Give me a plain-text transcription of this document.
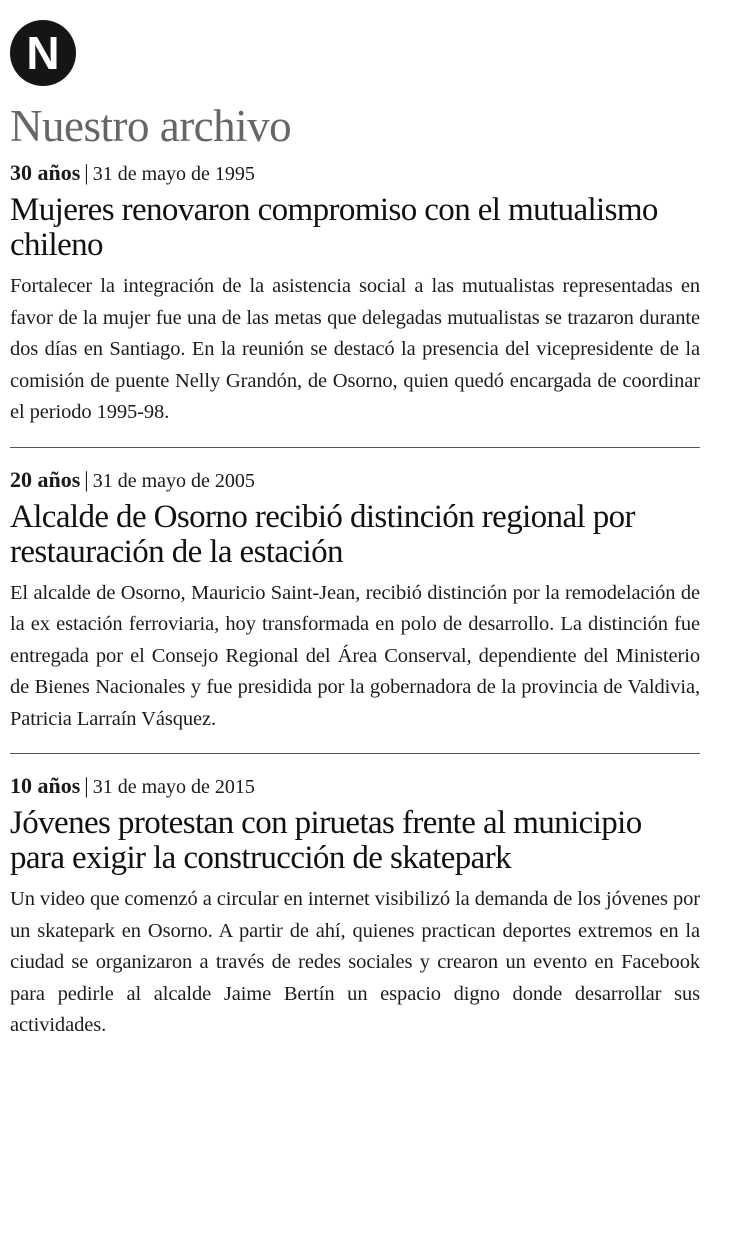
N
Nuestro archivo
30 años | 31 de mayo de 1995
Mujeres renovaron compromiso con el mutualismo chileno

Fortalecer la integración de la asistencia social a las mutualistas representadas en favor de la mujer fue una de las metas que delegadas mutualistas se trazaron durante dos días en Santiago. En la reunión se destacó la presencia del vicepresidente de la comisión de puente Nelly Grandón, de Osorno, quien quedó encargada de coordinar el periodo 1995-98.

20 años | 31 de mayo de 2005
Alcalde de Osorno recibió distinción regional por restauración de la estación

El alcalde de Osorno, Mauricio Saint-Jean, recibió distinción por la remodelación de la ex estación ferroviaria, hoy transformada en polo de desarrollo. La distinción fue entregada por el Consejo Regional del Área Conserval, dependiente del Ministerio de Bienes Nacionales y fue presidida por la gobernadora de la provincia de Valdivia, Patricia Larraín Vásquez.

10 años | 31 de mayo de 2015
Jóvenes protestan con piruetas frente al municipio para exigir la construcción de skatepark

Un video que comenzó a circular en internet visibilizó la demanda de los jóvenes por un skatepark en Osorno. A partir de ahí, quienes practican deportes extremos en la ciudad se organizaron a través de redes sociales y crearon un evento en Facebook para pedirle al alcalde Jaime Bertín un espacio digno donde desarrollar sus actividades.
